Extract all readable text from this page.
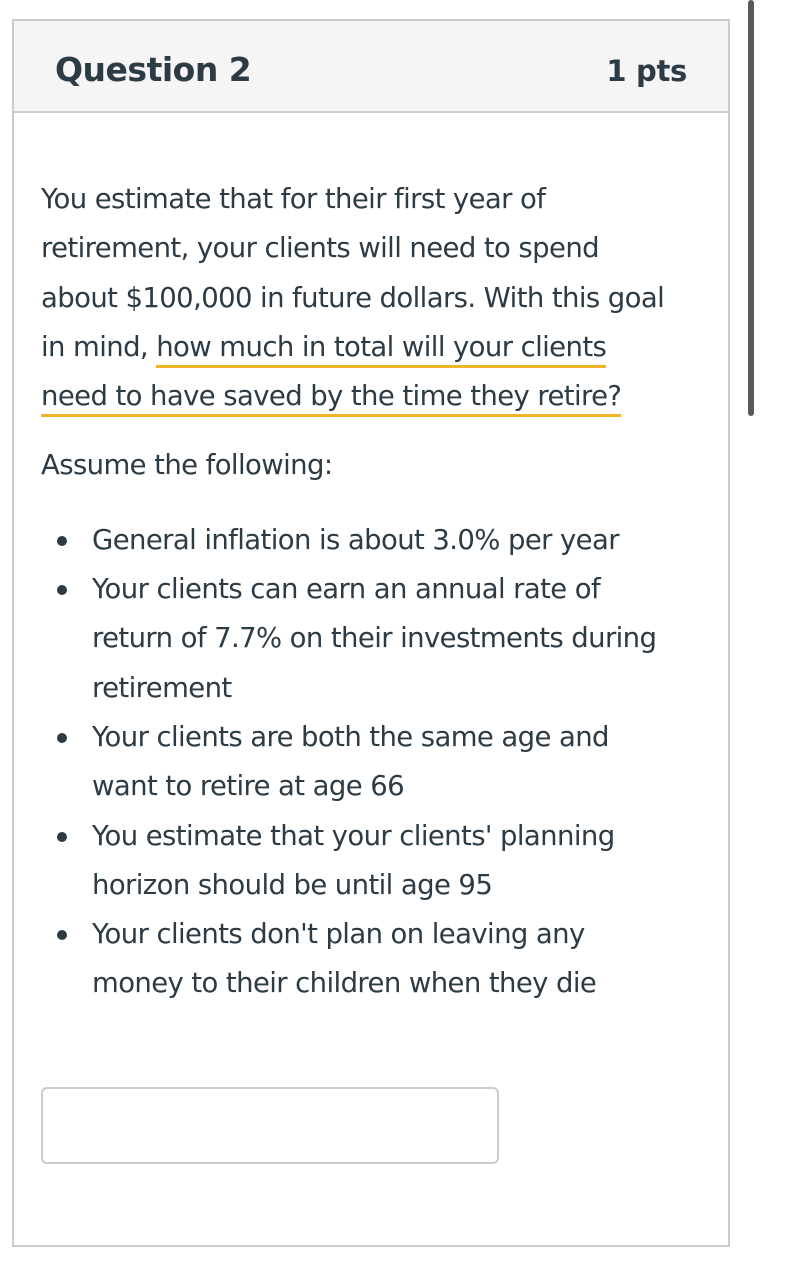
Question 2	1 pts

You estimate that for their first year of retirement, your clients will need to spend about $100,000 in future dollars. With this goal in mind, how much in total will your clients need to have saved by the time they retire?

Assume the following:

General inflation is about 3.0% per year
Your clients can earn an annual rate of return of 7.7% on their investments during retirement
Your clients are both the same age and want to retire at age 66
You estimate that your clients' planning horizon should be until age 95
Your clients don't plan on leaving any money to their children when they die
